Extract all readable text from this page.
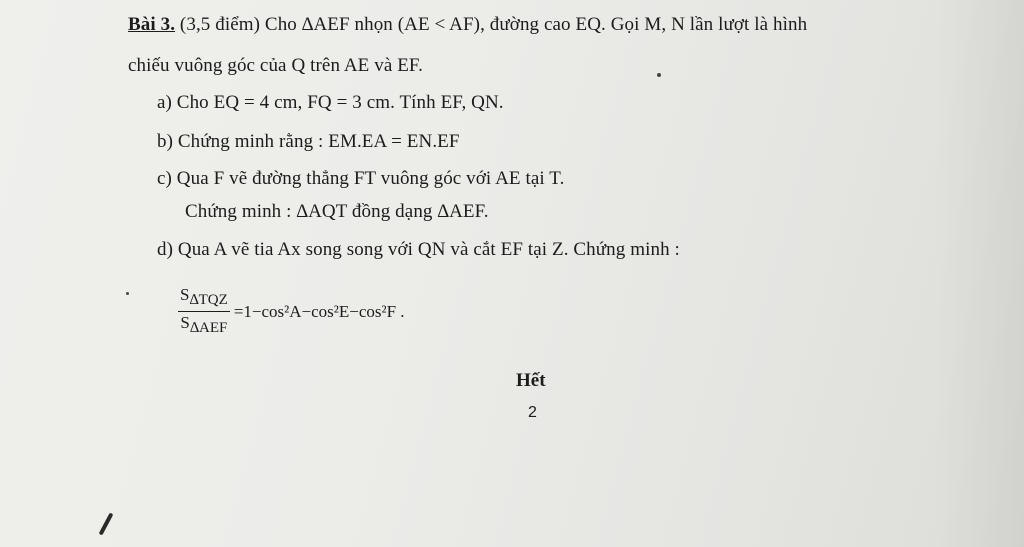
Bài 3. (3,5 điểm) Cho ∆AEF nhọn (AE < AF), đường cao EQ. Gọi M, N lần lượt là hình
chiếu vuông góc của Q trên AE và EF.
a) Cho EQ = 4 cm, FQ = 3 cm. Tính EF, QN.
b) Chứng minh rằng : EM.EA = EN.EF
c) Qua F vẽ đường thẳng FT vuông góc với AE tại T.
Chứng minh : ∆AQT đồng dạng ∆AEF.
d) Qua A vẽ tia Ax song song với QN và cắt EF tại Z. Chứng minh :
$\frac{\text{S∆TQZ}}{\text{S∆AEF}} =1-\cos^2A-\cos^2E-\cos^2F$ .
Hết
2
